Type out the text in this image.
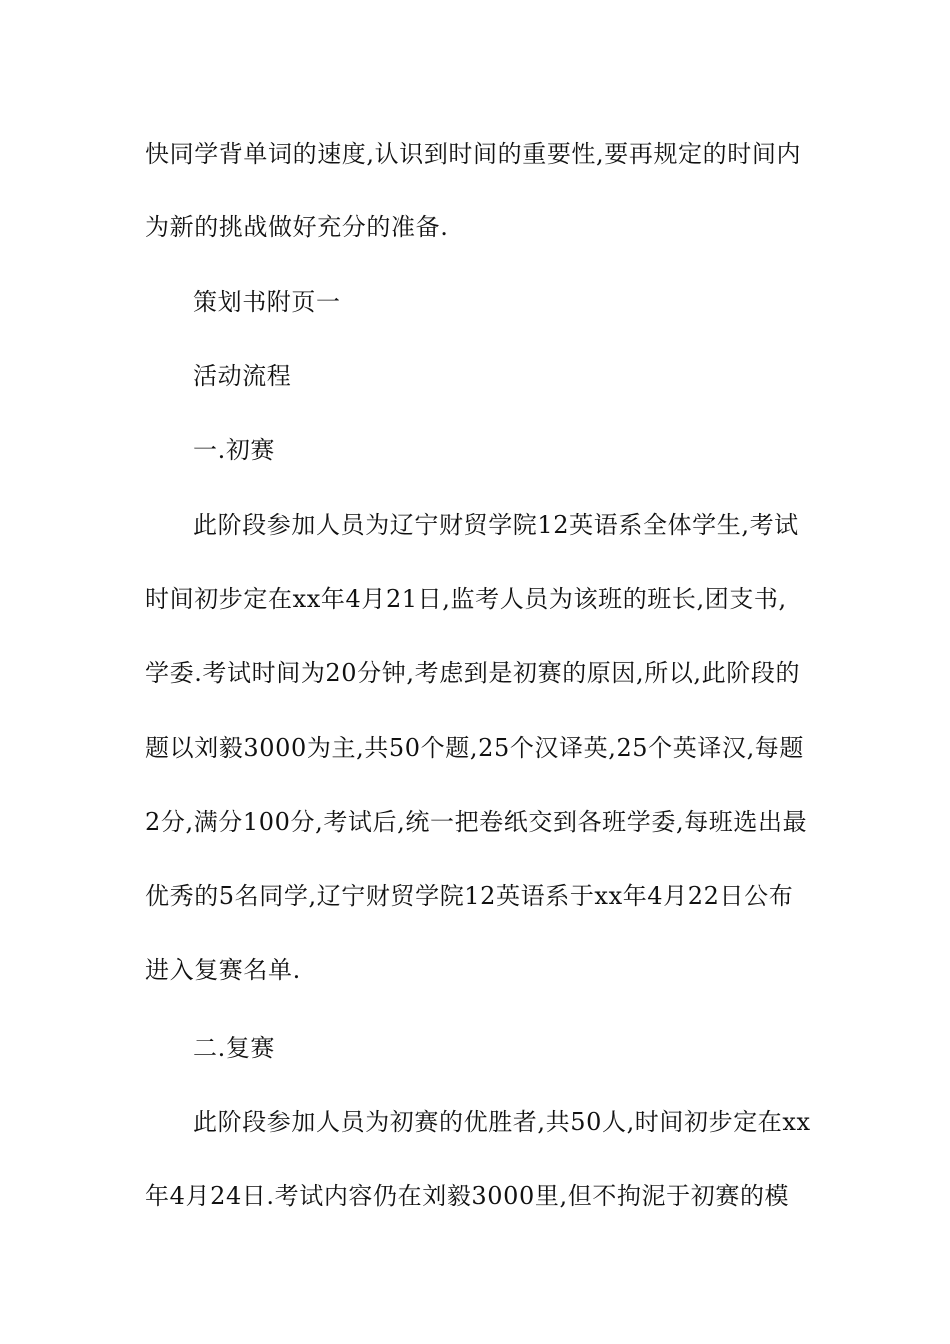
快同学背单词的速度,认识到时间的重要性,要再规定的时间内
为新的挑战做好充分的准备.
策划书附页一
活动流程
一.初赛
此阶段参加人员为辽宁财贸学院12英语系全体学生,考试
时间初步定在xx年4月21日,监考人员为该班的班长,团支书,
学委.考试时间为20分钟,考虑到是初赛的原因,所以,此阶段的
题以刘毅3000为主,共50个题,25个汉译英,25个英译汉,每题
2分,满分100分,考试后,统一把卷纸交到各班学委,每班选出最
优秀的5名同学,辽宁财贸学院12英语系于xx年4月22日公布
进入复赛名单.
二.复赛
此阶段参加人员为初赛的优胜者,共50人,时间初步定在xx
年4月24日.考试内容仍在刘毅3000里,但不拘泥于初赛的模
